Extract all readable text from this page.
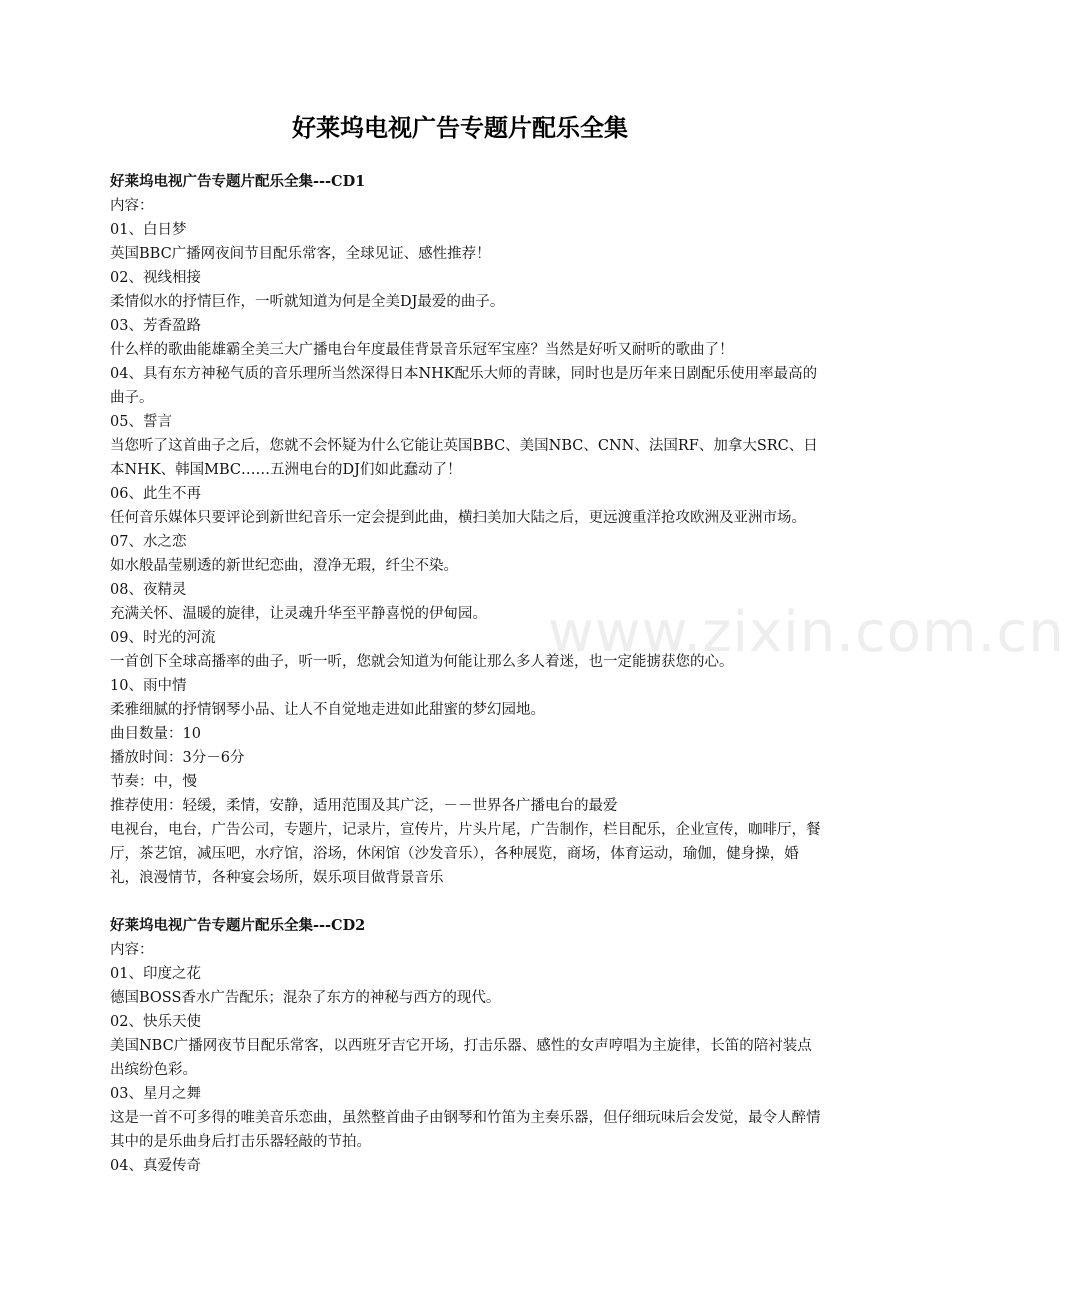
www.zixin.com.cn
好莱坞电视广告专题片配乐全集

好莱坞电视广告专题片配乐全集---CD1

内容：

01、白日梦

英国BBC广播网夜间节目配乐常客，全球见证、感性推荐！

02、视线相接

柔情似水的抒情巨作，一听就知道为何是全美DJ最爱的曲子。

03、芳香盈路

什么样的歌曲能雄霸全美三大广播电台年度最佳背景音乐冠军宝座？当然是好听又耐听的歌曲了！

04、具有东方神秘气质的音乐理所当然深得日本NHK配乐大师的青睐，同时也是历年来日剧配乐使用率最高的曲子。

05、誓言

当您听了这首曲子之后，您就不会怀疑为什么它能让英国BBC、美国NBC、CNN、法国RF、加拿大SRC、日本NHK、韩国MBC……五洲电台的DJ们如此蠢动了！

06、此生不再

任何音乐媒体只要评论到新世纪音乐一定会提到此曲，横扫美加大陆之后，更远渡重洋抢攻欧洲及亚洲市场。

07、水之恋

如水般晶莹剔透的新世纪恋曲，澄净无瑕，纤尘不染。

08、夜精灵

充满关怀、温暖的旋律，让灵魂升华至平静喜悦的伊甸园。

09、时光的河流

一首创下全球高播率的曲子，听一听，您就会知道为何能让那么多人着迷，也一定能掳获您的心。

10、雨中情

柔雅细腻的抒情钢琴小品、让人不自觉地走进如此甜蜜的梦幻园地。

曲目数量：10

播放时间：3分－6分

节奏：中，慢

推荐使用：轻缓，柔情，安静，适用范围及其广泛，－－世界各广播电台的最爱

电视台，电台，广告公司，专题片，记录片，宣传片，片头片尾，广告制作，栏目配乐，企业宣传，咖啡厅，餐厅，茶艺馆，减压吧，水疗馆，浴场，休闲馆（沙发音乐），各种展览，商场，体育运动，瑜伽，健身操，婚礼，浪漫情节，各种宴会场所，娱乐项目做背景音乐

好莱坞电视广告专题片配乐全集---CD2

内容：

01、印度之花

德国BOSS香水广告配乐；混杂了东方的神秘与西方的现代。

02、快乐天使

美国NBC广播网夜节目配乐常客，以西班牙吉它开场，打击乐器、感性的女声哼唱为主旋律，长笛的陪衬装点出缤纷色彩。

03、星月之舞

这是一首不可多得的唯美音乐恋曲，虽然整首曲子由钢琴和竹笛为主奏乐器，但仔细玩味后会发觉，最令人醉情其中的是乐曲身后打击乐器轻敲的节拍。

04、真爱传奇
